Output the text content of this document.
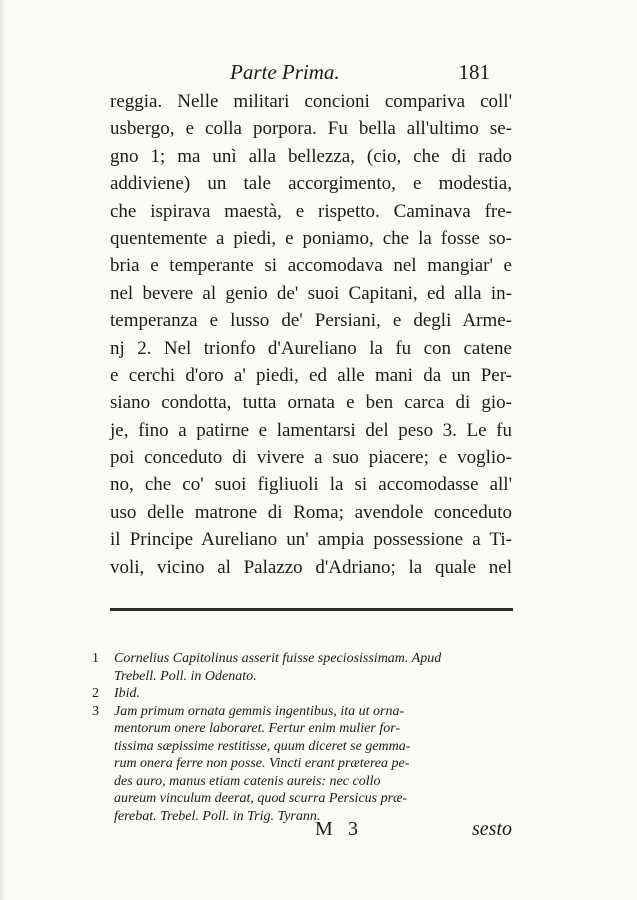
Parte Prima.	181
reggia. Nelle militari concioni compariva coll'
usbergo, e colla porpora. Fu bella all'ultimo se-
gno 1; ma unì alla bellezza, (cio, che di rado
addiviene) un tale accorgimento, e modestia,
che ispirava maestà, e rispetto. Caminava fre-
quentemente a piedi, e poniamo, che la fosse so-
bria e temperante si accomodava nel mangiar' e
nel bevere al genio de' suoi Capitani, ed alla in-
temperanza e lusso de' Persiani, e degli Arme-
nj 2. Nel trionfo d'Aureliano la fu con catene
e cerchi d'oro a' piedi, ed alle mani da un Per-
siano condotta, tutta ornata e ben carca di gio-
je, fino a patirne e lamentarsi del peso 3. Le fu
poi conceduto di vivere a suo piacere; e voglio-
no, che co' suoi figliuoli la si accomodasse all'
uso delle matrone di Roma; avendole conceduto
il Principe Aureliano un' ampia possessione a Ti-
voli, vicino al Palazzo d'Adriano; la quale nel
1 Cornelius Capitolinus asserit fuisse speciosissimam. Apud
Trebell. Poll. in Odenato.
2 Ibid.
3 Jam primum ornata gemmis ingentibus, ita ut orna-
mentorum onere laboraret. Fertur enim mulier for-
tissima sæpissime restitisse, quum diceret se gemma-
rum onera ferre non posse. Vincti erant præterea pe-
des auro, manus etiam catenis aureis: nec collo
aureum vinculum deerat, quod scurra Persicus præ-
ferebat. Trebel. Poll. in Trig. Tyrann.
M 3	sesto
